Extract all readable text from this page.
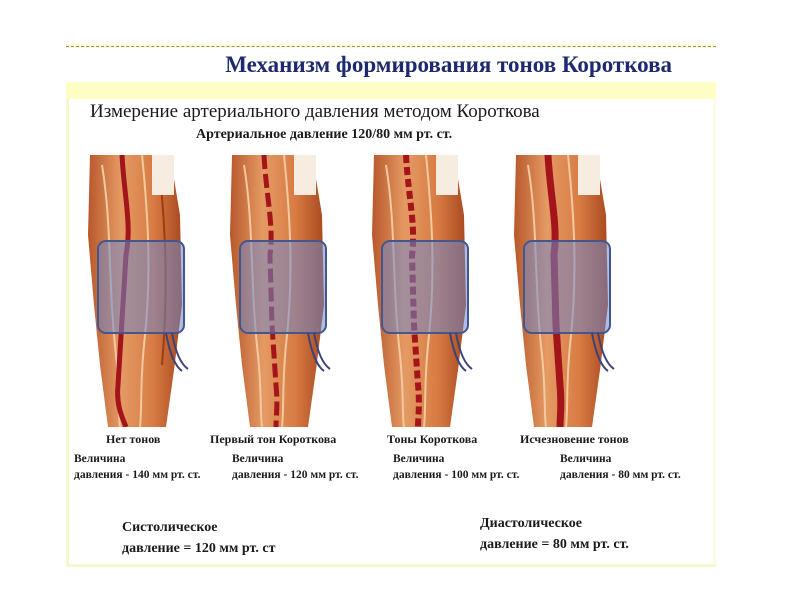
Механизм формирования тонов Короткова
Измерение артериального давления методом Короткова
Артериальное давление 120/80 мм рт. ст.
Нет тонов	Первый тон Короткова	Тоны Короткова	Исчезновение тонов
Величина
давления - 140 мм рт. ст.
Величина
давления - 120 мм рт. ст.
Величина
давления - 100 мм рт. ст.
Величина
давления - 80 мм рт. ст.
Систолическое
давление = 120 мм рт. ст
Диастолическое
давление = 80 мм рт. ст.
